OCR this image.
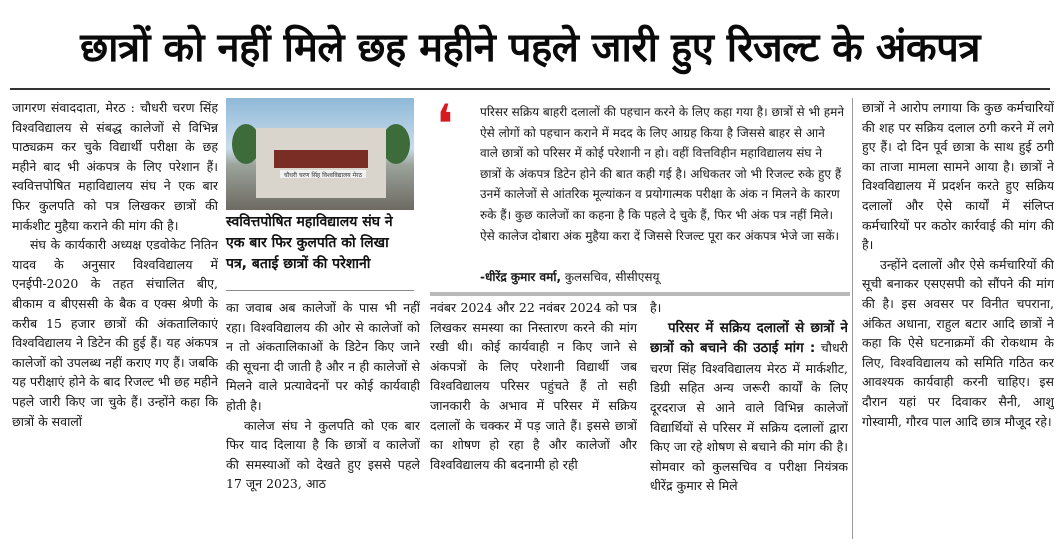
छात्रों को नहीं मिले छह महीने पहले जारी हुए रिजल्ट के अंकपत्र

जागरण संवाददाता, मेरठ : चौधरी चरण सिंह विश्वविद्यालय से संबद्ध कालेजों से विभिन्न पाठ्यक्रम कर चुके विद्यार्थी परीक्षा के छह महीने बाद भी अंकपत्र के लिए परेशान हैं। स्ववित्तपोषित महाविद्यालय संघ ने एक बार फिर कुलपति को पत्र लिखकर छात्रों की मार्कशीट मुहैया कराने की मांग की है।

संघ के कार्यकारी अध्यक्ष एडवोकेट नितिन यादव के अनुसार विश्वविद्यालय में एनईपी-2020 के तहत संचालित बीए, बीकाम व बीएससी के बैक व एक्स श्रेणी के करीब 15 हजार छात्रों की अंकतालिकाएं विश्वविद्यालय ने डिटेन की हुई हैं। यह अंकपत्र कालेजों को उपलब्ध नहीं कराए गए हैं। जबकि यह परीक्षाएं होने के बाद रिजल्ट भी छह महीने पहले जारी किए जा चुके हैं। उन्होंने कहा कि छात्रों के सवालों

चौधरी चरण सिंह विश्वविद्यालय मेरठ
स्ववित्तपोषित महाविद्यालय संघ ने एक बार फिर कुलपति को लिखा पत्र, बताई छात्रों की परेशानी

का जवाब अब कालेजों के पास भी नहीं रहा। विश्वविद्यालय की ओर से कालेजों को न तो अंकतालिकाओं के डिटेन किए जाने की सूचना दी जाती है और न ही कालेजों से मिलने वाले प्रत्यावेदनों पर कोई कार्यवाही होती है।

कालेज संघ ने कुलपति को एक बार फिर याद दिलाया है कि छात्रों व कालेजों की समस्याओं को देखते हुए इससे पहले 17 जून 2023, आठ

❛ परिसर सक्रिय बाहरी दलालों की पहचान करने के लिए कहा गया है। छात्रों से भी हमने ऐसे लोगों को पहचान कराने में मदद के लिए आग्रह किया है जिससे बाहर से आने वाले छात्रों को परिसर में कोई परेशानी न हो। वहीं वित्तविहीन महाविद्यालय संघ ने छात्रों के अंकपत्र डिटेन होने की बात कही गई है। अधिकतर जो भी रिजल्ट रुके हुए हैं उनमें कालेजों से आंतरिक मूल्यांकन व प्रयोगात्मक परीक्षा के अंक न मिलने के कारण रुके हैं। कुछ कालेजों का कहना है कि पहले दे चुके हैं, फिर भी अंक पत्र नहीं मिले। ऐसे कालेज दोबारा अंक मुहैया करा दें जिससे रिजल्ट पूरा कर अंकपत्र भेजे जा सकें।

-धीरेंद्र कुमार वर्मा, कुलसचिव, सीसीएसयू

नवंबर 2024 और 22 नवंबर 2024 को पत्र लिखकर समस्या का निस्तारण करने की मांग रखी थी। कोई कार्यवाही न किए जाने से अंकपत्रों के लिए परेशानी विद्यार्थी जब विश्वविद्यालय परिसर पहुंचते हैं तो सही जानकारी के अभाव में परिसर में सक्रिय दलालों के चक्कर में पड़ जाते हैं। इससे छात्रों का शोषण हो रहा है और कालेजों और विश्वविद्यालय की बदनामी हो रही

है।

परिसर में सक्रिय दलालों से छात्रों ने छात्रों को बचाने की उठाई मांग : चौधरी चरण सिंह विश्वविद्यालय मेरठ में मार्कशीट, डिग्री सहित अन्य जरूरी कार्यों के लिए दूरदराज से आने वाले विभिन्न कालेजों विद्यार्थियों से परिसर में सक्रिय दलालों द्वारा किए जा रहे शोषण से बचाने की मांग की है। सोमवार को कुलसचिव व परीक्षा नियंत्रक धीरेंद्र कुमार से मिले

छात्रों ने आरोप लगाया कि कुछ कर्मचारियों की शह पर सक्रिय दलाल ठगी करने में लगे हुए हैं। दो दिन पूर्व छात्रा के साथ हुई ठगी का ताजा मामला सामने आया है। छात्रों ने विश्वविद्यालय में प्रदर्शन करते हुए सक्रिय दलालों और ऐसे कार्यों में संलिप्त कर्मचारियों पर कठोर कार्रवाई की मांग की है।

उन्होंने दलालों और ऐसे कर्मचारियों की सूची बनाकर एसएसपी को सौंपने की मांग की है। इस अवसर पर विनीत चपराना, अंकित अधाना, राहुल बटार आदि छात्रों ने कहा कि ऐसे घटनाक्रमों की रोकथाम के लिए, विश्वविद्यालय को समिति गठित कर आवश्यक कार्यवाही करनी चाहिए। इस दौरान यहां पर दिवाकर सैनी, आशु गोस्वामी, गौरव पाल आदि छात्र मौजूद रहे।
